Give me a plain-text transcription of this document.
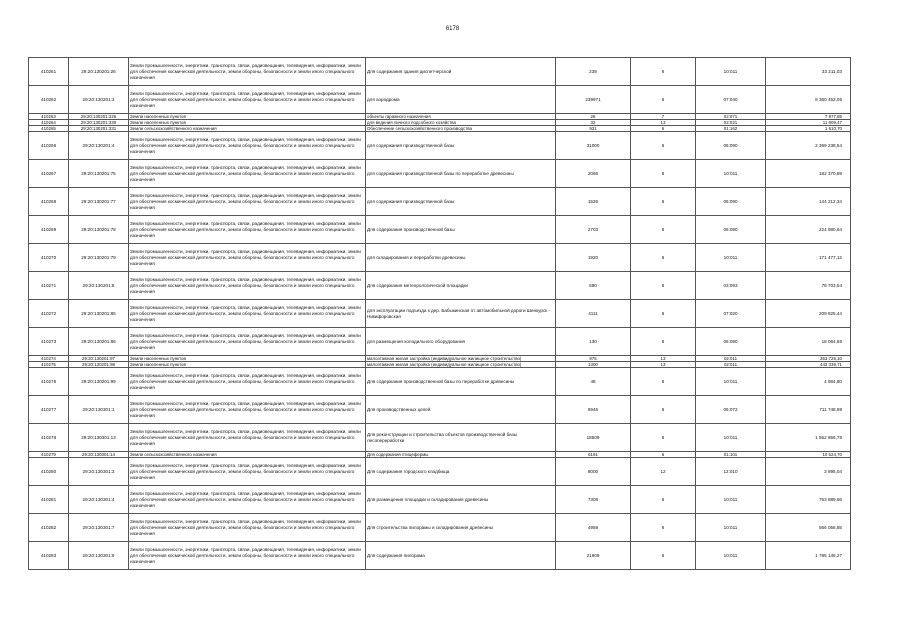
6178
410261	29:20:130201:26	Земли промышленности, энергетики, транспорта, связи, радиовещания, телевидения, информатики, земли для обеспечения космической деятельности, земли обороны, безопасности и земли иного специального назначения	Для содержания здания диспетчерской	239	6	10:011	33 211,03
410262	29:20:130201:3	Земли промышленности, энергетики, транспорта, связи, радиовещания, телевидения, информатики, земли для обеспечения космической деятельности, земли обороны, безопасности и земли иного специального назначения	для аэродрома	239971	6	07:040	8 360 452,05
410263	29:20:130201:326	Земли населенных пунктов	объекты гаражного назначения	28	7	02:071	7 977,85
410264	29:20:130201:330	Земли населенных пунктов	для ведения личного подсобного хозяйства	32	13	02:021	11 809,47
410265	29:20:130201:331	Земли сельскохозяйственного назначения	Обеспечение сельскохозяйственного производства	931	6	01:162	1 610,70
410266	29:20:130201:4	Земли промышленности, энергетики, транспорта, связи, радиовещания, телевидения, информатики, земли для обеспечения космической деятельности, земли обороны, безопасности и земли иного специального назначения	для содержания производственной базы	31000	6	06:090	2 369 238,54
410267	29:20:130201:75	Земли промышленности, энергетики, транспорта, связи, радиовещания, телевидения, информатики, земли для обеспечения космической деятельности, земли обороны, безопасности и земли иного специального назначения	для содержания производственной базы по переработке древесины	2066	6	10:011	182 370,89
410268	29:20:130201:77	Земли промышленности, энергетики, транспорта, связи, радиовещания, телевидения, информатики, земли для обеспечения космической деятельности, земли обороны, безопасности и земли иного специального назначения	для содержания производственной базы	1526	6	06:090	144 212,34
410269	29:20:130201:78	Земли промышленности, энергетики, транспорта, связи, радиовещания, телевидения, информатики, земли для обеспечения космической деятельности, земли обороны, безопасности и земли иного специального назначения	Для содержания производственной базы	2703	6	06:090	224 980,64
410270	29:20:130201:79	Земли промышленности, энергетики, транспорта, связи, радиовещания, телевидения, информатики, земли для обеспечения космической деятельности, земли обороны, безопасности и земли иного специального назначения	для складирования и переработки древесины	1920	6	10:011	171 477,12
410271	29:20:130201:8	Земли промышленности, энергетики, транспорта, связи, радиовещания, телевидения, информатики, земли для обеспечения космической деятельности, земли обороны, безопасности и земли иного специального назначения	Для содержания метеорологической площадки	690	6	03:093	78 703,54
410272	29:20:130201:85	Земли промышленности, энергетики, транспорта, связи, радиовещания, телевидения, информатики, земли для обеспечения космической деятельности, земли обороны, безопасности и земли иного специального назначения	для эксплуатации подъезда к дер. Бабыкинская от автомобильной дороги Шенкурск - Никифоровская	4111	6	07:020	209 825,44
410273	29:20:130201:86	Земли промышленности, энергетики, транспорта, связи, радиовещания, телевидения, информатики, земли для обеспечения космической деятельности, земли обороны, безопасности и земли иного специального назначения	для размещения холодильного оборудования	130	6	06:090	18 064,58
410274	29:20:130201:97	Земли населенных пунктов	малоэтажная жилая застройка (индивидуальное жилищное строительство)	975	13	02:011	353 726,10
410275	29:20:130201:98	Земли населенных пунктов	малоэтажная жилая застройка (индивидуальное жилищное строительство)	1300	13	02:011	443 339,71
410276	29:20:130201:99	Земли промышленности, энергетики, транспорта, связи, радиовещания, телевидения, информатики, земли для обеспечения космической деятельности, земли обороны, безопасности и земли иного специального назначения	Для содержания производственной базы по переработке древесины	48	6	10:011	4 984,80
410277	29:20:130301:1	Земли промышленности, энергетики, транспорта, связи, радиовещания, телевидения, информатики, земли для обеспечения космической деятельности, земли обороны, безопасности и земли иного специального назначения	Для производственных целей	6946	6	06:072	711 748,98
410278	29:20:130301:13	Земли промышленности, энергетики, транспорта, связи, радиовещания, телевидения, информатики, земли для обеспечения космической деятельности, земли обороны, безопасности и земли иного специального назначения	Для реконструкции и строительства объектов производственной базы лесопереработки	18509	6	10:011	1 552 856,78
410279	29:20:130301:14	Земли сельскохозяйственного назначения	Для содержания птицефермы	6191	6	01:101	10 524,70
410280	29:20:130301:3	Земли промышленности, энергетики, транспорта, связи, радиовещания, телевидения, информатики, земли для обеспечения космической деятельности, земли обороны, безопасности и земли иного специального назначения	Для содержания городского кладбища	8000	12	12:010	3 895,04
410281	29:20:130301:4	Земли промышленности, энергетики, транспорта, связи, радиовещания, телевидения, информатики, земли для обеспечения космической деятельности, земли обороны, безопасности и земли иного специального назначения	Для размещения площадки и складирования древесины	7308	6	10:011	763 889,56
410282	29:20:130301:7	Земли промышленности, энергетики, транспорта, связи, радиовещания, телевидения, информатики, земли для обеспечения космической деятельности, земли обороны, безопасности и земли иного специального назначения	Для строительства пилорамы и складирования древесины	4959	6	10:011	566 056,85
410283	29:20:130301:9	Земли промышленности, энергетики, транспорта, связи, радиовещания, телевидения, информатики, земли для обеспечения космической деятельности, земли обороны, безопасности и земли иного специального назначения	Для содержания пилорама	21909	6	10:011	1 785 145,27
